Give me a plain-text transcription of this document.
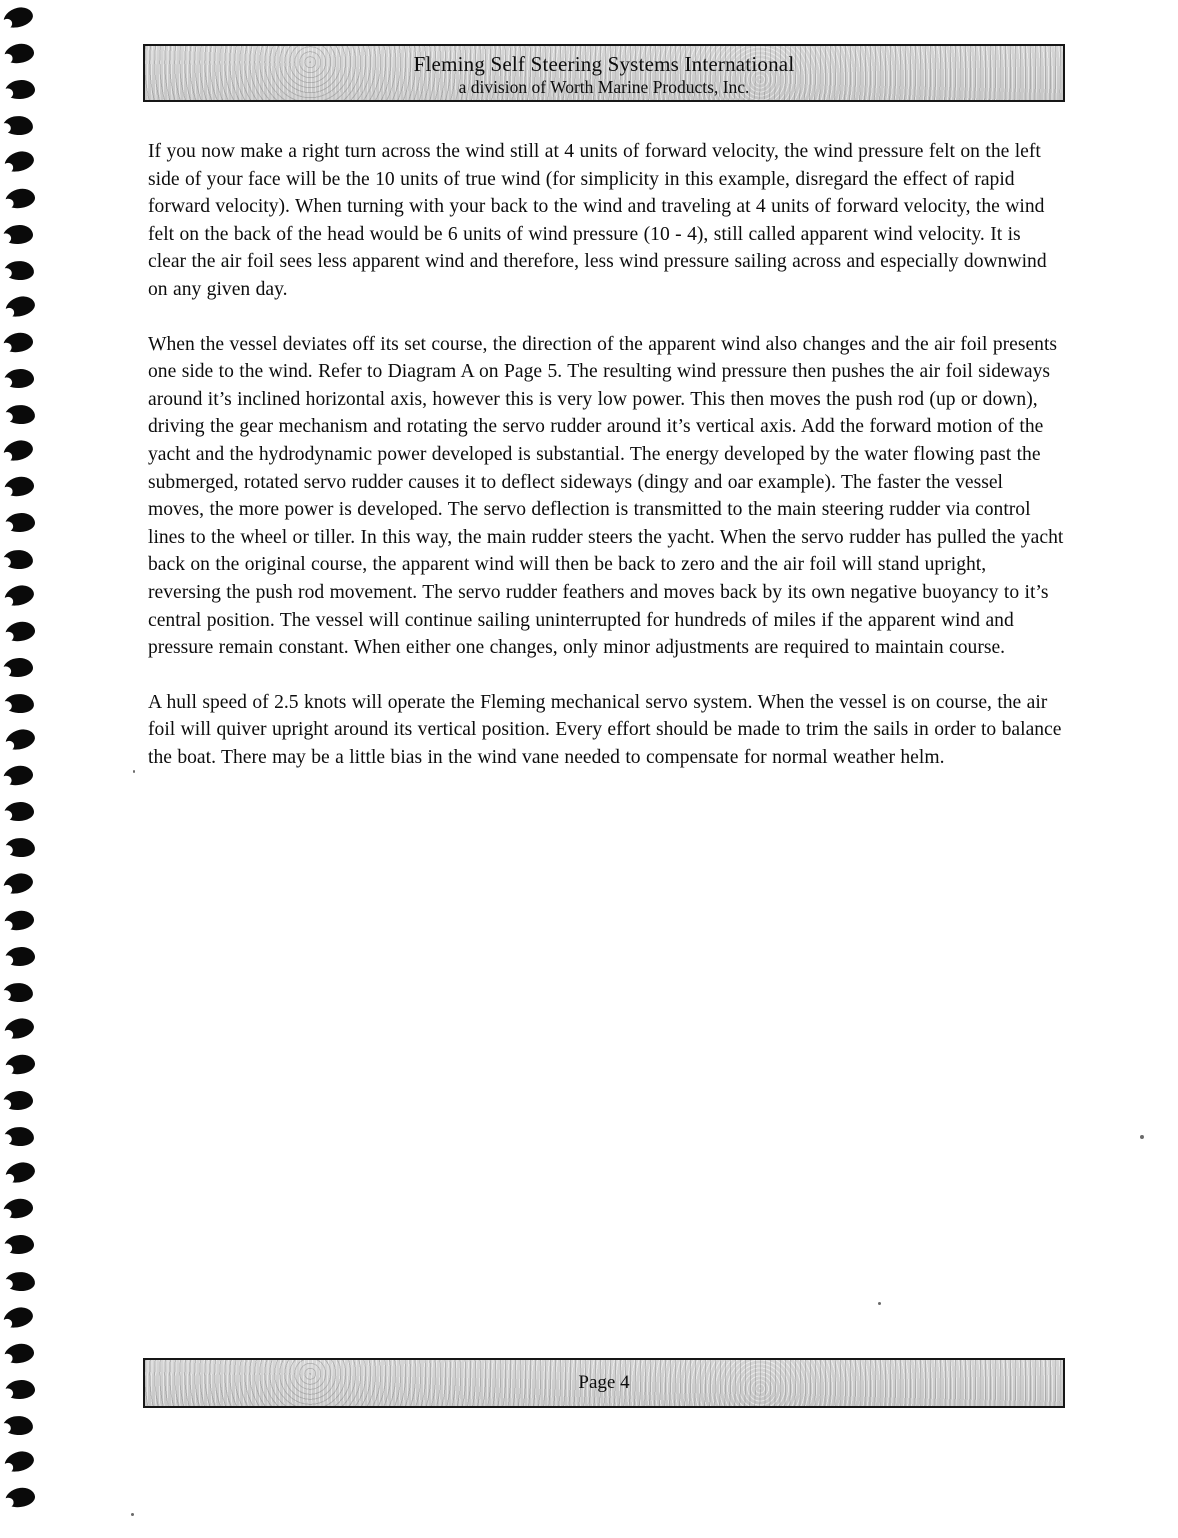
Fleming Self Steering Systems International
a division of Worth Marine Products, Inc.

If you now make a right turn across the wind still at 4 units of forward velocity, the wind pressure felt on the left side of your face will be the 10 units of true wind (for simplicity in this example, disregard the effect of rapid forward velocity). When turning with your back to the wind and traveling at 4 units of forward velocity, the wind felt on the back of the head would be 6 units of wind pressure (10 - 4), still called apparent wind velocity. It is clear the air foil sees less apparent wind and therefore, less wind pressure sailing across and especially downwind on any given day.

When the vessel deviates off its set course, the direction of the apparent wind also changes and the air foil presents one side to the wind. Refer to Diagram A on Page 5. The resulting wind pressure then pushes the air foil sideways around it’s inclined horizontal axis, however this is very low power. This then moves the push rod (up or down), driving the gear mechanism and rotating the servo rudder around it’s vertical axis. Add the forward motion of the yacht and the hydrodynamic power developed is substantial. The energy developed by the water flowing past the submerged, rotated servo rudder causes it to deflect sideways (dingy and oar example). The faster the vessel moves, the more power is developed. The servo deflection is transmitted to the main steering rudder via control lines to the wheel or tiller. In this way, the main rudder steers the yacht. When the servo rudder has pulled the yacht back on the original course, the apparent wind will then be back to zero and the air foil will stand upright, reversing the push rod movement. The servo rudder feathers and moves back by its own negative buoyancy to it’s central position. The vessel will continue sailing uninterrupted for hundreds of miles if the apparent wind and pressure remain constant. When either one changes, only minor adjustments are required to maintain course.

A hull speed of 2.5 knots will operate the Fleming mechanical servo system. When the vessel is on course, the air foil will quiver upright around its vertical position. Every effort should be made to trim the sails in order to balance the boat. There may be a little bias in the wind vane needed to compensate for normal weather helm.

Page 4
